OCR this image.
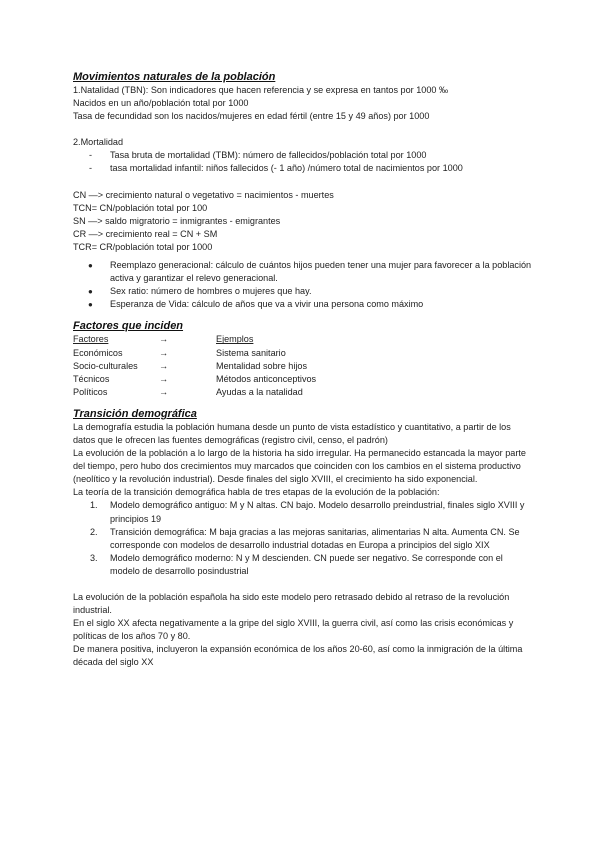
Movimientos naturales de la población

1.Natalidad (TBN): Son indicadores que hacen referencia y se expresa en tantos por 1000 ‰

Nacidos en un año/población total por 1000

Tasa de fecundidad son los nacidos/mujeres en edad fértil (entre 15 y 49 años) por 1000

2.Mortalidad

- Tasa bruta de mortalidad (TBM): número de fallecidos/población total por 1000
- tasa mortalidad infantil: niños fallecidos (- 1 año) /número total de nacimientos por 1000

CN —> crecimiento natural o vegetativo = nacimientos - muertes

TCN= CN/población total por 100

SN —> saldo migratorio = inmigrantes - emigrantes

CR —> crecimiento real = CN + SM

TCR= CR/población total por 1000

● Reemplazo generacional: cálculo de cuántos hijos pueden tener una mujer para favorecer a la población activa y garantizar el relevo generacional.
● Sex ratio: número de hombres o mujeres que hay.
● Esperanza de Vida: cálculo de años que va a vivir una persona como máximo
Factores que inciden
Factores	→	Ejemplos
Económicos	→	Sistema sanitario
Socio-culturales	→	Mentalidad sobre hijos
Técnicos	→	Métodos anticonceptivos
Políticos	→	Ayudas a la natalidad
Transición demográfica

La demografía estudia la población humana desde un punto de vista estadístico y cuantitativo, a partir de los datos que le ofrecen las fuentes demográficas (registro civil, censo, el padrón)

La evolución de la población a lo largo de la historia ha sido irregular. Ha permanecido estancada la mayor parte del tiempo, pero hubo dos crecimientos muy marcados que coinciden con los cambios en el sistema productivo (neolítico y la revolución industrial). Desde finales del siglo XVIII, el crecimiento ha sido exponencial.

La teoría de la transición demográfica habla de tres etapas de la evolución de la población:

1. Modelo demográfico antiguo: M y N altas. CN bajo. Modelo desarrollo preindustrial, finales siglo XVIII y principios 19
2. Transición demográfica: M baja gracias a las mejoras sanitarias, alimentarias N alta. Aumenta CN. Se corresponde con modelos de desarrollo industrial dotadas en Europa a principios del siglo XIX
3. Modelo demográfico moderno: N y M descienden. CN puede ser negativo. Se corresponde con el modelo de desarrollo posindustrial

La evolución de la población española ha sido este modelo pero retrasado debido al retraso de la revolución industrial.

En el siglo XX afecta negativamente a la gripe del siglo XVIII, la guerra civil, así como las crisis económicas y políticas de los años 70 y 80.

De manera positiva, incluyeron la expansión económica de los años 20-60, así como la inmigración de la última década del siglo XX
